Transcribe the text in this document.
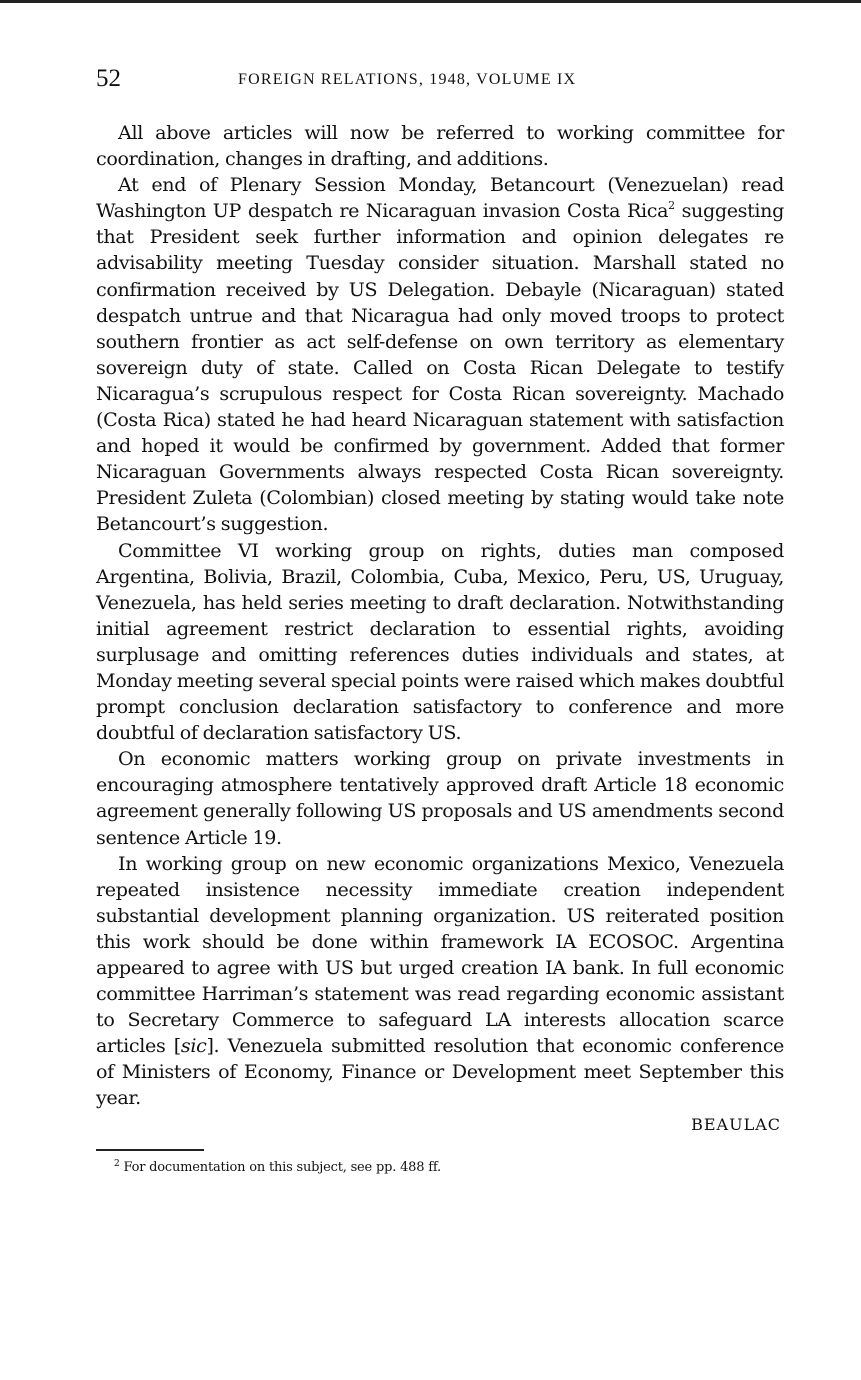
52	FOREIGN RELATIONS, 1948, VOLUME IX

All above articles will now be referred to working committee for coordination, changes in drafting, and additions.

At end of Plenary Session Monday, Betancourt (Venezuelan) read Washington UP despatch re Nicaraguan invasion Costa Rica$^2$ suggesting that President seek further information and opinion delegates re advisability meeting Tuesday consider situation. Marshall stated no confirmation received by US Delegation. Debayle (Nicaraguan) stated despatch untrue and that Nicaragua had only moved troops to protect southern frontier as act self-defense on own territory as elementary sovereign duty of state. Called on Costa Rican Delegate to testify Nicaragua’s scrupulous respect for Costa Rican sovereignty. Machado (Costa Rica) stated he had heard Nicaraguan statement with satisfaction and hoped it would be confirmed by government. Added that former Nicaraguan Governments always respected Costa Rican sovereignty. President Zuleta (Colombian) closed meeting by stating would take note Betancourt’s suggestion.

Committee VI working group on rights, duties man composed Argentina, Bolivia, Brazil, Colombia, Cuba, Mexico, Peru, US, Uruguay, Venezuela, has held series meeting to draft declaration. Notwithstanding initial agreement restrict declaration to essential rights, avoiding surplusage and omitting references duties individuals and states, at Monday meeting several special points were raised which makes doubtful prompt conclusion declaration satisfactory to conference and more doubtful of declaration satisfactory US.

On economic matters working group on private investments in encouraging atmosphere tentatively approved draft Article 18 economic agreement generally following US proposals and US amendments second sentence Article 19.

In working group on new economic organizations Mexico, Venezuela repeated insistence necessity immediate creation independent substantial development planning organization. US reiterated position this work should be done within framework IA ECOSOC. Argentina appeared to agree with US but urged creation IA bank. In full economic committee Harriman’s statement was read regarding economic assistant to Secretary Commerce to safeguard LA interests allocation scarce articles [sic]. Venezuela submitted resolution that economic conference of Ministers of Economy, Finance or Development meet September this year.

BEAULAC
$^2$ For documentation on this subject, see pp. 488 ff.
